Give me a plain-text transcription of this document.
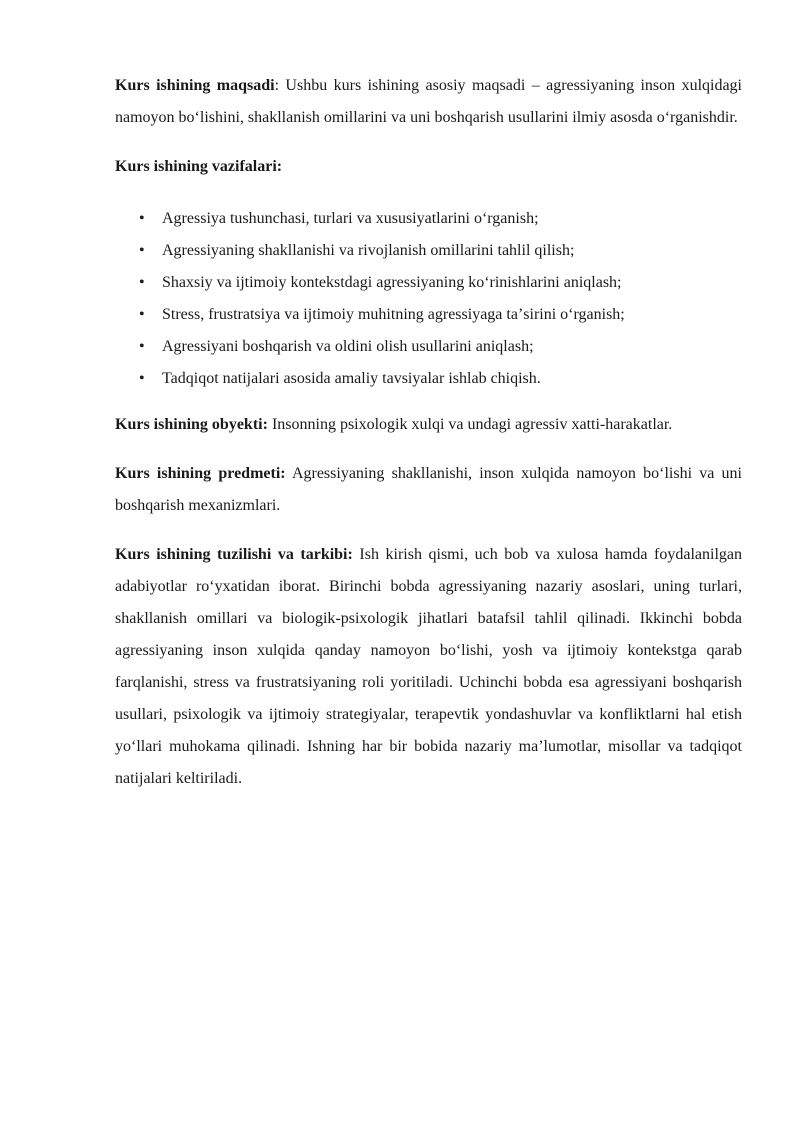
Kurs ishining maqsadi: Ushbu kurs ishining asosiy maqsadi – agressiyaning inson xulqidagi namoyon boʻlishini, shakllanish omillarini va uni boshqarish usullarini ilmiy asosda oʻrganishdir.

Kurs ishining vazifalari:

• Agressiya tushunchasi, turlari va xususiyatlarini oʻrganish;
• Agressiyaning shakllanishi va rivojlanish omillarini tahlil qilish;
• Shaxsiy va ijtimoiy kontekstdagi agressiyaning koʻrinishlarini aniqlash;
• Stress, frustratsiya va ijtimoiy muhitning agressiyaga taʼsirini oʻrganish;
• Agressiyani boshqarish va oldini olish usullarini aniqlash;
• Tadqiqot natijalari asosida amaliy tavsiyalar ishlab chiqish.

Kurs ishining obyekti: Insonning psixologik xulqi va undagi agressiv xatti-harakatlar.

Kurs ishining predmeti: Agressiyaning shakllanishi, inson xulqida namoyon boʻlishi va uni boshqarish mexanizmlari.

Kurs ishining tuzilishi va tarkibi: Ish kirish qismi, uch bob va xulosa hamda foydalanilgan adabiyotlar roʻyxatidan iborat. Birinchi bobda agressiyaning nazariy asoslari, uning turlari, shakllanish omillari va biologik-psixologik jihatlari batafsil tahlil qilinadi. Ikkinchi bobda agressiyaning inson xulqida qanday namoyon boʻlishi, yosh va ijtimoiy kontekstga qarab farqlanishi, stress va frustratsiyaning roli yoritiladi. Uchinchi bobda esa agressiyani boshqarish usullari, psixologik va ijtimoiy strategiyalar, terapevtik yondashuvlar va konfliktlarni hal etish yoʻllari muhokama qilinadi. Ishning har bir bobida nazariy maʼlumotlar, misollar va tadqiqot natijalari keltiriladi.
